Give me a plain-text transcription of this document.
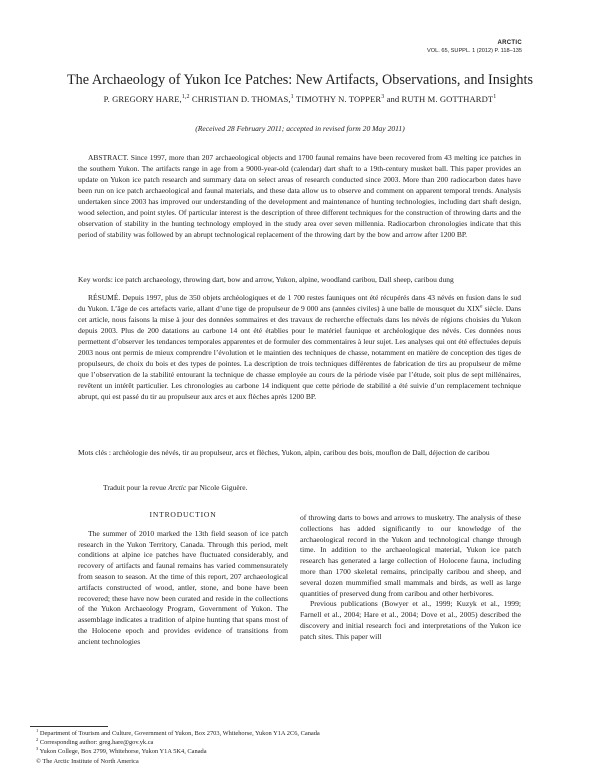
ARCTIC
VOL. 65, SUPPL. 1 (2012) P. 118–135
The Archaeology of Yukon Ice Patches: New Artifacts, Observations, and Insights
P. GREGORY HARE,$^{1,2}$ CHRISTIAN D. THOMAS,$^1$ TIMOTHY N. TOPPER$^3$ and RUTH M. GOTTHARDT$^1$
(Received 28 February 2011; accepted in revised form 20 May 2011)
ABSTRACT. Since 1997, more than 207 archaeological objects and 1700 faunal remains have been recovered from 43 melting ice patches in the southern Yukon. The artifacts range in age from a 9000-year-old (calendar) dart shaft to a 19th-century musket ball. This paper provides an update on Yukon ice patch research and summary data on select areas of research conducted since 2003. More than 200 radiocarbon dates have been run on ice patch archaeological and faunal materials, and these data allow us to observe and comment on apparent temporal trends. Analysis undertaken since 2003 has improved our understanding of the development and maintenance of hunting technologies, including dart shaft design, wood selection, and point styles. Of particular interest is the description of three different techniques for the construction of throwing darts and the observation of stability in the hunting technology employed in the study area over seven millennia. Radiocarbon chronologies indicate that this period of stability was followed by an abrupt technological replacement of the throwing dart by the bow and arrow after 1200 BP.
Key words: ice patch archaeology, throwing dart, bow and arrow, Yukon, alpine, woodland caribou, Dall sheep, caribou dung
RÉSUMÉ. Depuis 1997, plus de 350 objets archéologiques et de 1 700 restes fauniques ont été récupérés dans 43 névés en fusion dans le sud du Yukon. L’âge de ces artefacts varie, allant d’une tige de propulseur de 9 000 ans (années civiles) à une balle de mousquet du XIXe siècle. Dans cet article, nous faisons la mise à jour des données sommaires et des travaux de recherche effectués dans les névés de régions choisies du Yukon depuis 2003. Plus de 200 datations au carbone 14 ont été établies pour le matériel faunique et archéologique des névés. Ces données nous permettent d’observer les tendances temporales apparentes et de formuler des commentaires à leur sujet. Les analyses qui ont été effectuées depuis 2003 nous ont permis de mieux comprendre l’évolution et le maintien des techniques de chasse, notamment en matière de conception des tiges de propulseurs, de choix du bois et des types de pointes. La description de trois techniques différentes de fabrication de tirs au propulseur de même que l’observation de la stabilité entourant la technique de chasse employée au cours de la période visée par l’étude, soit plus de sept millénaires, revêtent un intérêt particulier. Les chronologies au carbone 14 indiquent que cette période de stabilité a été suivie d’un remplacement technique abrupt, qui est passé du tir au propulseur aux arcs et aux flèches après 1200 BP.
Mots clés : archéologie des névés, tir au propulseur, arcs et flèches, Yukon, alpin, caribou des bois, mouflon de Dall, déjection de caribou
Traduit pour la revue Arctic par Nicole Giguère.

INTRODUCTION

The summer of 2010 marked the 13th field season of ice patch research in the Yukon Territory, Canada. Through this period, melt conditions at alpine ice patches have fluctuated considerably, and recovery of artifacts and faunal remains has varied commensurately from season to season. At the time of this report, 207 archaeological artifacts constructed of wood, antler, stone, and bone have been recovered; these have now been curated and reside in the collections of the Yukon Archaeology Program, Government of Yukon. The assemblage indicates a tradition of alpine hunting that spans most of the Holocene epoch and provides evidence of transitions from ancient technologies

of throwing darts to bows and arrows to musketry. The analysis of these collections has added significantly to our knowledge of the archaeological record in the Yukon and technological change through time. In addition to the archaeological material, Yukon ice patch research has generated a large collection of Holocene fauna, including more than 1700 skeletal remains, principally caribou and sheep, and several dozen mummified small mammals and birds, as well as large quantities of preserved dung from caribou and other herbivores.

Previous publications (Bowyer et al., 1999; Kuzyk et al., 1999; Farnell et al., 2004; Hare et al., 2004; Dove et al., 2005) described the discovery and initial research foci and interpretations of the Yukon ice patch sites. This paper will

$^1$ Department of Tourism and Culture, Government of Yukon, Box 2703, Whitehorse, Yukon Y1A 2C6, Canada
$^2$ Corresponding author: greg.hare@gov.yk.ca
$^3$ Yukon College, Box 2799, Whitehorse, Yukon Y1A 5K4, Canada
© The Arctic Institute of North America
